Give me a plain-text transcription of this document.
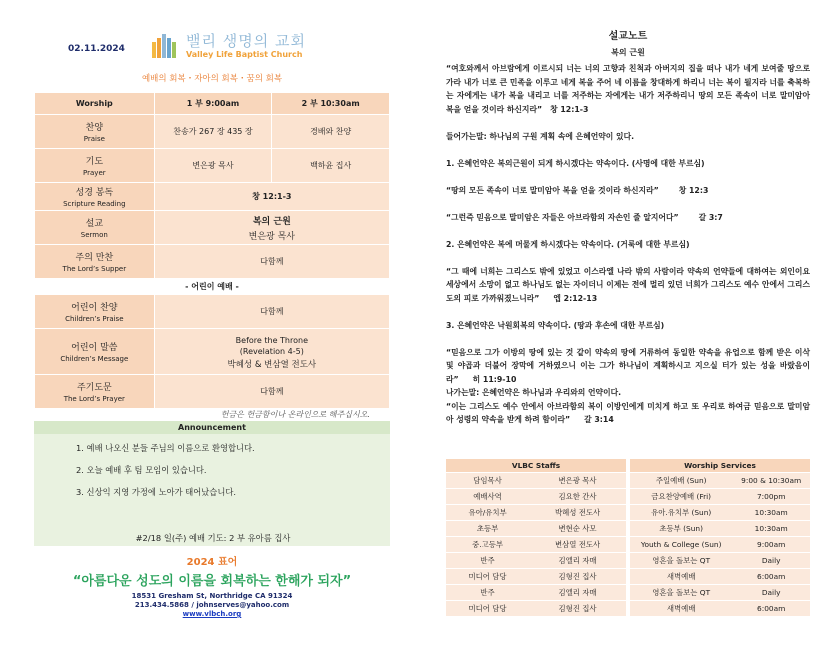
02.11.2024	밸리 생명의 교회
Valley Life Baptist Church
예배의 회복・자아의 회복・꿈의 회복
Worship	1 부 9:00am	2 부 10:30am

찬양
Praise	찬송가 267 장 435 장	경배와 찬양

기도
Prayer	변은광 목사	백하윤 집사

성경 봉독
Scripture Reading	창 12:1-3	

설교
Sermon	복의 근원
변은광 목사	

주의 만찬
The Lord’s Supper	다함께	
- 어린이 예배 -		

어린이 찬양
Children’s Praise	다함께	

어린이 말씀
Children’s Message	Before the Throne
(Revelation 4-5)
박혜성 & 변삼열 전도사	

주기도문
The Lord’s Prayer	다함께	
헌금은 헌금함이나 온라인으로 해주십시오.
Announcement
1. 예배 나오신 분들 주님의 이름으로 환영합니다.
2. 오늘 예배 후 팀 모임이 있습니다.
3. 신상익 지영 가정에 노아가 태어났습니다.
#2/18 일(주) 예배 기도: 2 부 유아름 집사
2024 표어
“아름다운 성도의 이름을 회복하는 한해가 되자”
18531 Gresham St, Northridge CA 91324
213.434.5868 / johnserves@yahoo.com
www.vlbch.org
설교노트
복의 근원
“여호와께서 아브람에게 이르시되 너는 너의 고향과 친척과 아버지의 집을 떠나 내가 네게 보여줄 땅으로 가라 내가 너로 큰 민족을 이루고 네게 복을 주어 네 이름을 창대하게 하리니 너는 복이 될지라 너를 축복하는 자에게는 내가 복을 내리고 너를 저주하는 자에게는 내가 저주하리니 땅의 모든 족속이 너로 말미암아 복을 얻을 것이라 하신지라” 창 12:1-3
들어가는말: 하나님의 구원 계획 속에 은혜언약이 있다.
1. 은혜언약은 복의근원이 되게 하시겠다는 약속이다. (사명에 대한 부르심)
“땅의 모든 족속이 너로 말미암아 복을 얻을 것이라 하신지라”	창 12:3
“그런즉 믿음으로 말미암은 자들은 아브라함의 자손인 줄 알지어다”	갈 3:7
2. 은혜언약은 복에 머물게 하시겠다는 약속이다. (거룩에 대한 부르심)
“그 때에 너희는 그리스도 밖에 있었고 이스라엘 나라 밖의 사람이라 약속의 언약들에 대하여는 외인이요 세상에서 소망이 없고 하나님도 없는 자이더니 이제는 전에 멀리 있던 너희가 그리스도 예수 안에서 그리스도의 피로 가까워졌느니라” 엡 2:12-13
3. 은혜언약은 낙원회복의 약속이다. (땅과 후손에 대한 부르심)
“믿음으로 그가 이방의 땅에 있는 것 같이 약속의 땅에 거류하여 동일한 약속을 유업으로 함께 받은 이삭 및 야곱과 더불어 장막에 거하였으니 이는 그가 하나님이 계획하시고 지으실 터가 있는 성을 바랐음이라” 히 11:9-10
나가는말: 은혜언약은 하나님과 우리와의 언약이다.
“이는 그리스도 예수 안에서 아브라함의 복이 이방인에게 미치게 하고 또 우리로 하여금 믿음으로 말미암아 성령의 약속을 받게 하려 함이라” 갈 3:14
VLBC Staffs	
담임목사	변은광 목사
예배사역	김요한 간사
유아/유치부	박혜성 전도사
초등부	변현순 사모
중.고등부	변삼열 전도사
반주	김엘리 자매
미디어 담당	김형진 집사
반주	김엘리 자매
미디어 담당	김형진 집사
Worship Services	
주일예배 (Sun)	9:00 & 10:30am
금요찬양예배 (Fri)	7:00pm
유아.유치부 (Sun)	10:30am
초등부 (Sun)	10:30am
Youth & College (Sun)	9:00am
영혼을 돌보는 QT	Daily
새벽예배	6:00am
영혼을 돌보는 QT	Daily
새벽예배	6:00am
